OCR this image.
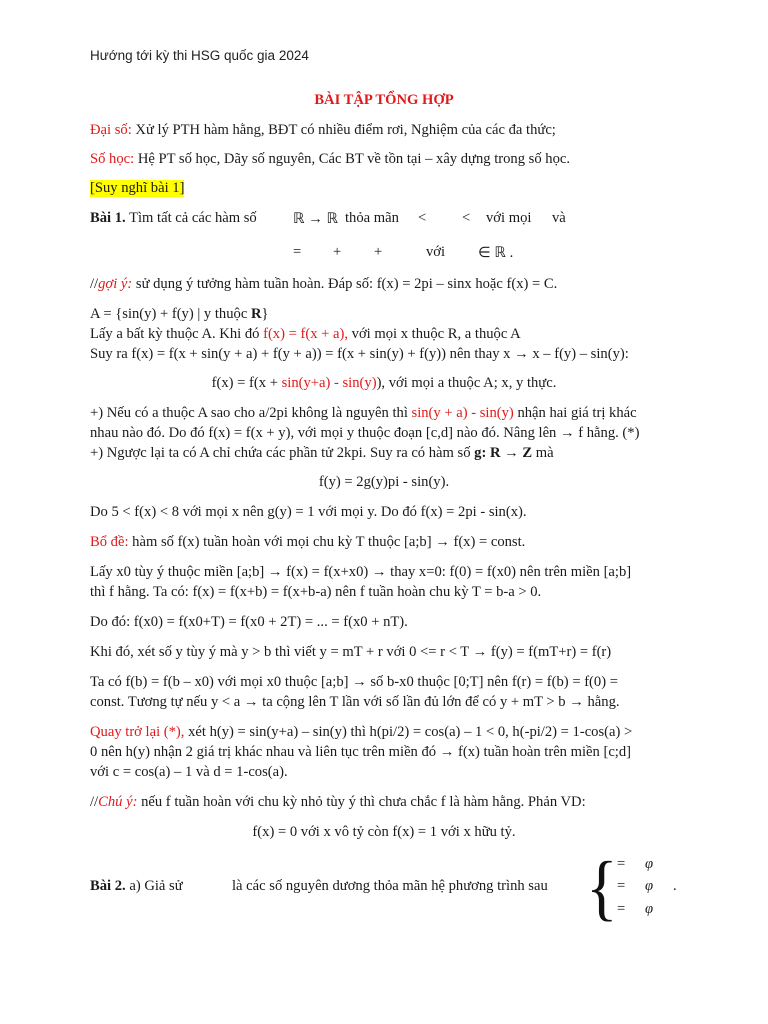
Hướng tới kỳ thi HSG quốc gia 2024
BÀI TẬP TỔNG HỢP
Đại số: Xử lý PTH hàm hằng, BĐT có nhiều điểm rơi, Nghiệm của các đa thức;
Số học: Hệ PT số học, Dãy số nguyên, Các BT về tồn tại – xây dựng trong số học.
[Suy nghĩ bài 1]
Bài 1. Tìm tất cả các hàm số ℝ → ℝ thỏa mãn < < với mọi và
= + +	với ∈ ℝ .
//gợi ý: sử dụng ý tưởng hàm tuần hoàn. Đáp số: f(x) = 2pi – sinx hoặc f(x) = C.
A = {sin(y) + f(y) | y thuộc R}
Lấy a bất kỳ thuộc A. Khi đó f(x) = f(x + a), với mọi x thuộc R, a thuộc A
Suy ra f(x) = f(x + sin(y + a) + f(y + a)) = f(x + sin(y) + f(y)) nên thay x → x – f(y) – sin(y):
f(x) = f(x + sin(y+a) - sin(y)), với mọi a thuộc A; x, y thực.
+) Nếu có a thuộc A sao cho a/2pi không là nguyên thì sin(y + a) - sin(y) nhận hai giá trị khác
nhau nào đó. Do đó f(x) = f(x + y), với mọi y thuộc đoạn [c,d] nào đó. Nâng lên → f hằng. (*)
+) Ngược lại ta có A chỉ chứa các phần tử 2kpi. Suy ra có hàm số g: R → Z mà
f(y) = 2g(y)pi - sin(y).
Do 5 < f(x) < 8 với mọi x nên g(y) = 1 với mọi y. Do đó f(x) = 2pi - sin(x).
Bổ đề: hàm số f(x) tuần hoàn với mọi chu kỳ T thuộc [a;b] → f(x) = const.
Lấy x0 tùy ý thuộc miền [a;b] → f(x) = f(x+x0) → thay x=0: f(0) = f(x0) nên trên miền [a;b]
thì f hằng. Ta có: f(x) = f(x+b) = f(x+b-a) nên f tuần hoàn chu kỳ T = b-a > 0.
Do đó: f(x0) = f(x0+T) = f(x0 + 2T) = ... = f(x0 + nT).
Khi đó, xét số y tùy ý mà y > b thì viết y = mT + r với 0 <= r < T → f(y) = f(mT+r) = f(r)
Ta có f(b) = f(b – x0) với mọi x0 thuộc [a;b] → số b-x0 thuộc [0;T] nên f(r) = f(b) = f(0) =
const. Tương tự nếu y < a → ta cộng lên T lần với số lần đủ lớn để có y + mT > b → hằng.
Quay trở lại (*), xét h(y) = sin(y+a) – sin(y) thì h(pi/2) = cos(a) – 1 < 0, h(-pi/2) = 1-cos(a) >
0 nên h(y) nhận 2 giá trị khác nhau và liên tục trên miền đó → f(x) tuần hoàn trên miền [c;d]
với c = cos(a) – 1 và d = 1-cos(a).
//Chú ý: nếu f tuần hoàn với chu kỳ nhỏ tùy ý thì chưa chắc f là hàm hằng. Phản VD:
f(x) = 0 với x vô tỷ còn f(x) = 1 với x hữu tỷ.
Bài 2. a) Giả sử	là các số nguyên dương thỏa mãn hệ phương trình sau { = φ
= φ .
= φ
